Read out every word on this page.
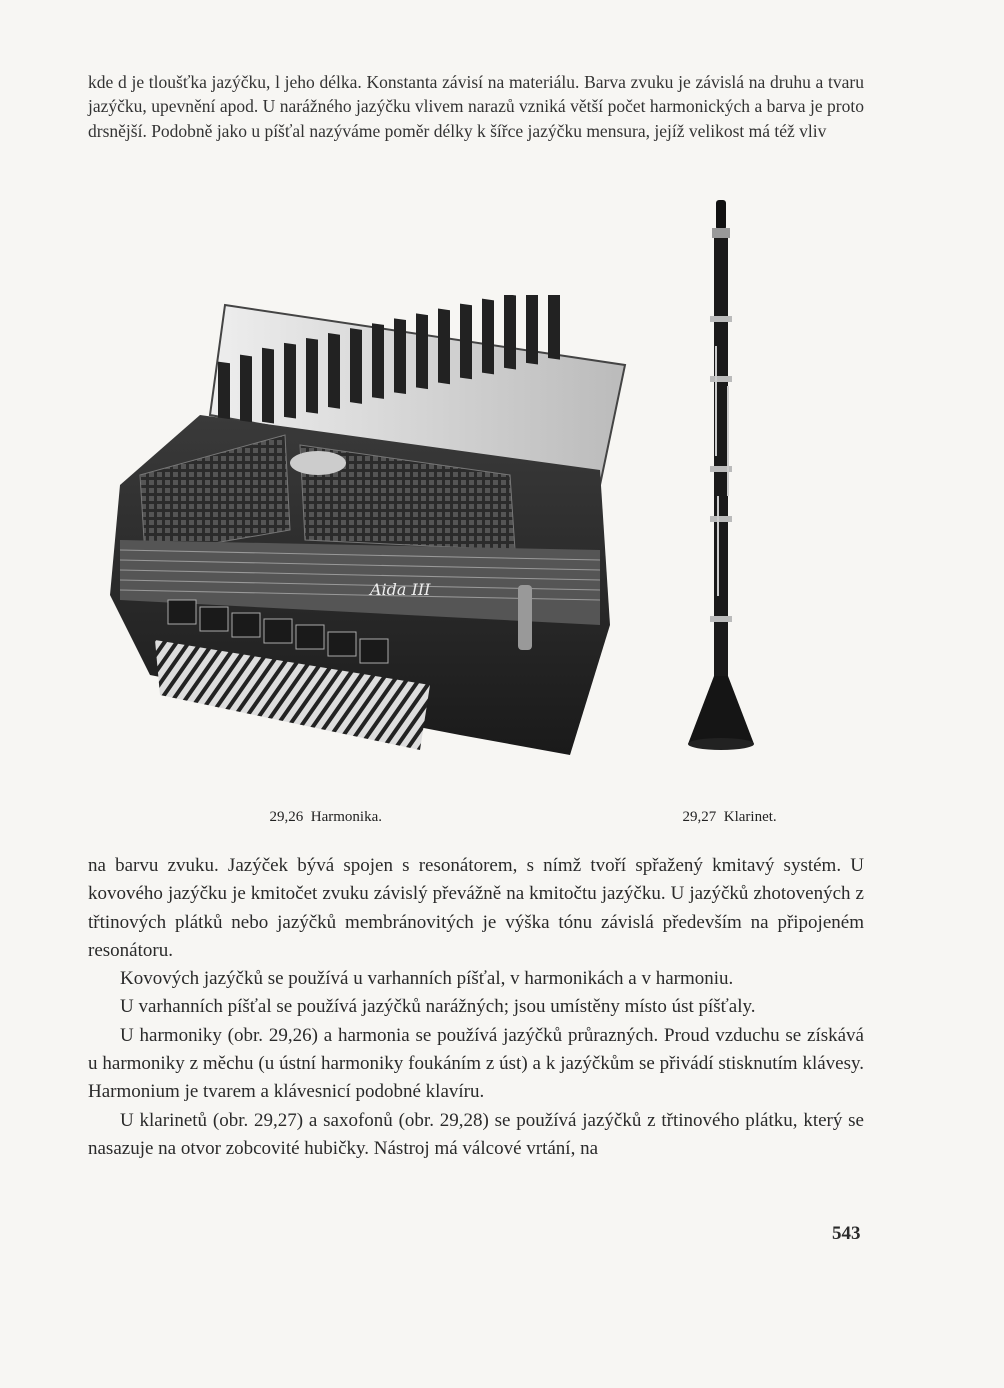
kde d je tloušťka jazýčku, l jeho délka. Konstanta závisí na materiálu. Barva zvuku je závislá na druhu a tvaru jazýčku, upevnění apod. U narážného jazýčku vlivem narazů vzniká větší počet harmonických a barva je proto drsnější. Podobně jako u píšťal nazýváme poměr délky k šířce jazýčku mensura, jejíž velikost má též vliv
Aida III

29,26 Harmonika.	29,27 Klarinet.

na barvu zvuku. Jazýček bývá spojen s resonátorem, s nímž tvoří spřažený kmitavý systém. U kovového jazýčku je kmitočet zvuku závislý převážně na kmitočtu jazýčku. U jazýčků zhotovených z třtinových plátků nebo jazýčků membránovitých je výška tónu závislá především na připojeném resonátoru.

Kovových jazýčků se používá u varhanních píšťal, v harmonikách a v harmoniu.

U varhanních píšťal se používá jazýčků narážných; jsou umístěny místo úst píšťaly.

U harmoniky (obr. 29,26) a harmonia se používá jazýčků průrazných. Proud vzduchu se získává u harmoniky z měchu (u ústní harmoniky foukáním z úst) a k jazýčkům se přivádí stisknutím klávesy. Harmonium je tvarem a klávesnicí podobné klavíru.

U klarinetů (obr. 29,27) a saxofonů (obr. 29,28) se používá jazýčků z třtinového plátku, který se nasazuje na otvor zobcovité hubičky. Nástroj má válcové vrtání, na

543
